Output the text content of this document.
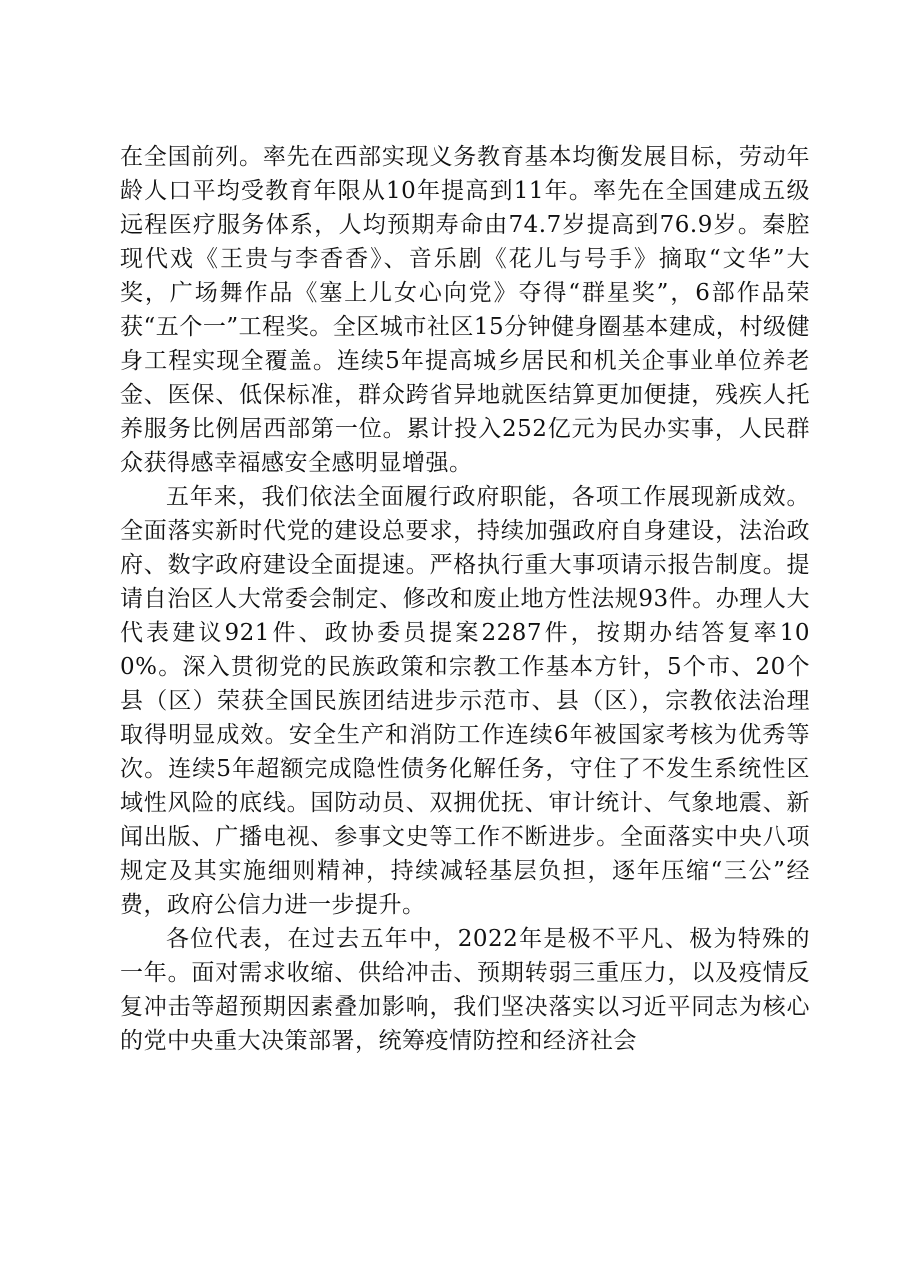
在全国前列。率先在西部实现义务教育基本均衡发展目标，劳动年龄人口平均受教育年限从10年提高到11年。率先在全国建成五级远程医疗服务体系，人均预期寿命由74.7岁提高到76.9岁。秦腔现代戏《王贵与李香香》、音乐剧《花儿与号手》摘取“文华”大奖，广场舞作品《塞上儿女心向党》夺得“群星奖”，6部作品荣获“五个一”工程奖。全区城市社区15分钟健身圈基本建成，村级健身工程实现全覆盖。连续5年提高城乡居民和机关企事业单位养老金、医保、低保标准，群众跨省异地就医结算更加便捷，残疾人托养服务比例居西部第一位。累计投入252亿元为民办实事，人民群众获得感幸福感安全感明显增强。

五年来，我们依法全面履行政府职能，各项工作展现新成效。全面落实新时代党的建设总要求，持续加强政府自身建设，法治政府、数字政府建设全面提速。严格执行重大事项请示报告制度。提请自治区人大常委会制定、修改和废止地方性法规93件。办理人大代表建议921件、政协委员提案2287件，按期办结答复率100%。深入贯彻党的民族政策和宗教工作基本方针，5个市、20个县（区）荣获全国民族团结进步示范市、县（区），宗教依法治理取得明显成效。安全生产和消防工作连续6年被国家考核为优秀等次。连续5年超额完成隐性债务化解任务，守住了不发生系统性区域性风险的底线。国防动员、双拥优抚、审计统计、气象地震、新闻出版、广播电视、参事文史等工作不断进步。全面落实中央八项规定及其实施细则精神，持续减轻基层负担，逐年压缩“三公”经费，政府公信力进一步提升。

各位代表，在过去五年中，2022年是极不平凡、极为特殊的一年。面对需求收缩、供给冲击、预期转弱三重压力，以及疫情反复冲击等超预期因素叠加影响，我们坚决落实以习近平同志为核心的党中央重大决策部署，统筹疫情防控和经济社会
